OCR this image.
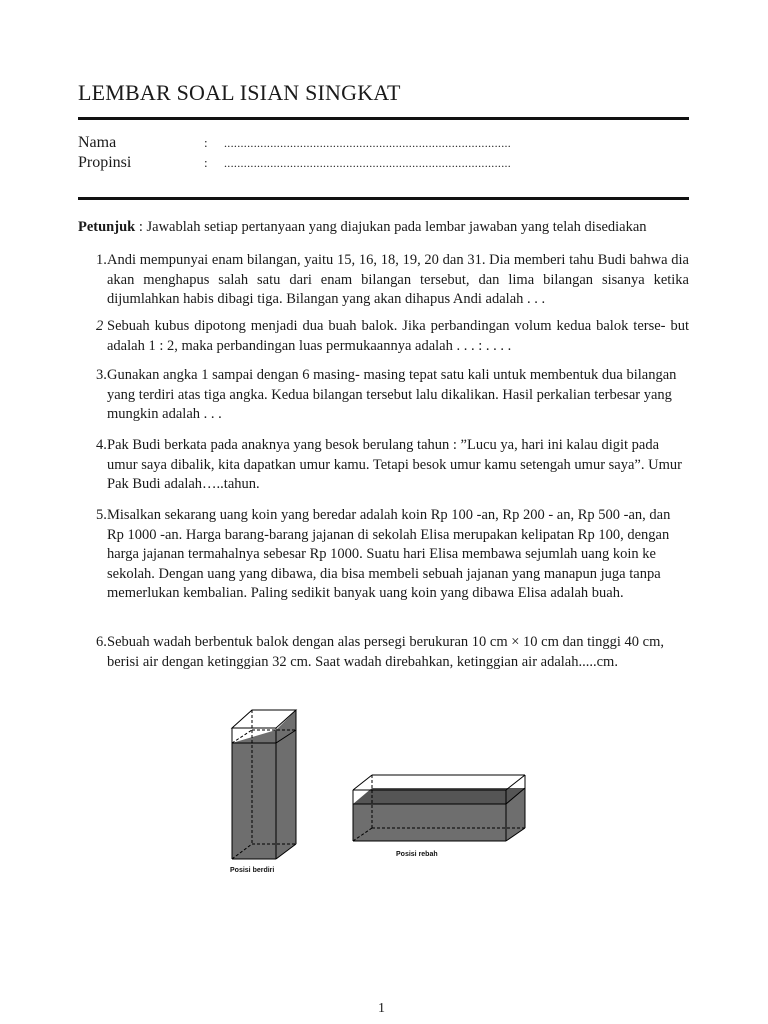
LEMBAR SOAL ISIAN SINGKAT
Nama	: .......................................................................................
Propinsi	: .......................................................................................
Petunjuk : Jawablah setiap pertanyaan yang diajukan pada lembar jawaban yang telah disediakan
1. Andi mempunyai enam bilangan, yaitu 15, 16, 18, 19, 20 dan 31. Dia memberi tahu Budi bahwa dia akan menghapus salah satu dari enam bilangan tersebut, dan lima bilangan sisanya ketika dijumlahkan habis dibagi tiga. Bilangan yang akan dihapus Andi adalah . . .
2 Sebuah kubus dipotong menjadi dua buah balok. Jika perbandingan volum kedua balok terse- but adalah 1 : 2, maka perbandingan luas permukaannya adalah . . . : . . . .
3. Gunakan angka 1 sampai dengan 6 masing- masing tepat satu kali untuk membentuk dua bilangan yang terdiri atas tiga angka. Kedua bilangan tersebut lalu dikalikan. Hasil perkalian terbesar yang mungkin adalah . . .
4. Pak Budi berkata pada anaknya yang besok berulang tahun : ”Lucu ya, hari ini kalau digit pada umur saya dibalik, kita dapatkan umur kamu. Tetapi besok umur kamu setengah umur saya”. Umur Pak Budi adalah…..tahun.
5. Misalkan sekarang uang koin yang beredar adalah koin Rp 100 -an, Rp 200 - an, Rp 500 -an, dan Rp 1000 -an. Harga barang-barang jajanan di sekolah Elisa merupakan kelipatan Rp 100, dengan harga jajanan termahalnya sebesar Rp 1000. Suatu hari Elisa membawa sejumlah uang koin ke sekolah. Dengan uang yang dibawa, dia bisa membeli sebuah jajanan yang manapun juga tanpa memerlukan kembalian. Paling sedikit banyak uang koin yang dibawa Elisa adalah buah.
6. Sebuah wadah berbentuk balok dengan alas persegi berukuran 10 cm × 10 cm dan tinggi 40 cm, berisi air dengan ketinggian 32 cm. Saat wadah direbahkan, ketinggian air adalah.....cm.
Posisi berdiri
Posisi rebah
1
